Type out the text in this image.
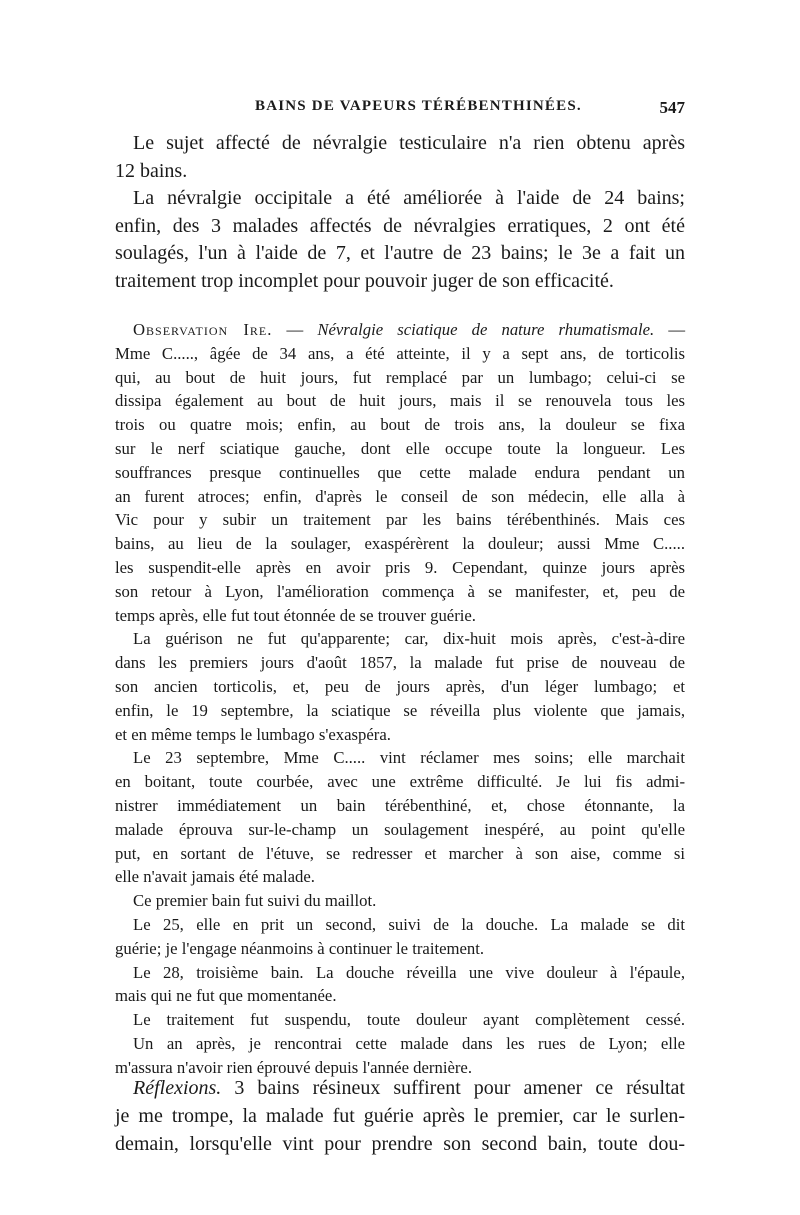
BAINS DE VAPEURS TÉRÉBENTHINÉES.	547
Le sujet affecté de névralgie testiculaire n'a rien obtenu après
12 bains.
La névralgie occipitale a été améliorée à l'aide de 24 bains;
enfin, des 3 malades affectés de névralgies erratiques, 2 ont été
soulagés, l'un à l'aide de 7, et l'autre de 23 bains; le 3e a fait un
traitement trop incomplet pour pouvoir juger de son efficacité.
Observation Ire. — Névralgie sciatique de nature rhumatismale. —
Mme C....., âgée de 34 ans, a été atteinte, il y a sept ans, de torticolis
qui, au bout de huit jours, fut remplacé par un lumbago; celui-ci se
dissipa également au bout de huit jours, mais il se renouvela tous les
trois ou quatre mois; enfin, au bout de trois ans, la douleur se fixa
sur le nerf sciatique gauche, dont elle occupe toute la longueur. Les
souffrances presque continuelles que cette malade endura pendant un
an furent atroces; enfin, d'après le conseil de son médecin, elle alla à
Vic pour y subir un traitement par les bains térébenthinés. Mais ces
bains, au lieu de la soulager, exaspérèrent la douleur; aussi Mme C.....
les suspendit-elle après en avoir pris 9. Cependant, quinze jours après
son retour à Lyon, l'amélioration commença à se manifester, et, peu de
temps après, elle fut tout étonnée de se trouver guérie.
La guérison ne fut qu'apparente; car, dix-huit mois après, c'est-à-dire
dans les premiers jours d'août 1857, la malade fut prise de nouveau de
son ancien torticolis, et, peu de jours après, d'un léger lumbago; et
enfin, le 19 septembre, la sciatique se réveilla plus violente que jamais,
et en même temps le lumbago s'exaspéra.
Le 23 septembre, Mme C..... vint réclamer mes soins; elle marchait
en boitant, toute courbée, avec une extrême difficulté. Je lui fis admi-
nistrer immédiatement un bain térébenthiné, et, chose étonnante, la
malade éprouva sur-le-champ un soulagement inespéré, au point qu'elle
put, en sortant de l'étuve, se redresser et marcher à son aise, comme si
elle n'avait jamais été malade.
Ce premier bain fut suivi du maillot.
Le 25, elle en prit un second, suivi de la douche. La malade se dit
guérie; je l'engage néanmoins à continuer le traitement.
Le 28, troisième bain. La douche réveilla une vive douleur à l'épaule,
mais qui ne fut que momentanée.
Le traitement fut suspendu, toute douleur ayant complètement cessé.
Un an après, je rencontrai cette malade dans les rues de Lyon; elle
m'assura n'avoir rien éprouvé depuis l'année dernière.
Réflexions. 3 bains résineux suffirent pour amener ce résultat
je me trompe, la malade fut guérie après le premier, car le surlen-
demain, lorsqu'elle vint pour prendre son second bain, toute dou-
